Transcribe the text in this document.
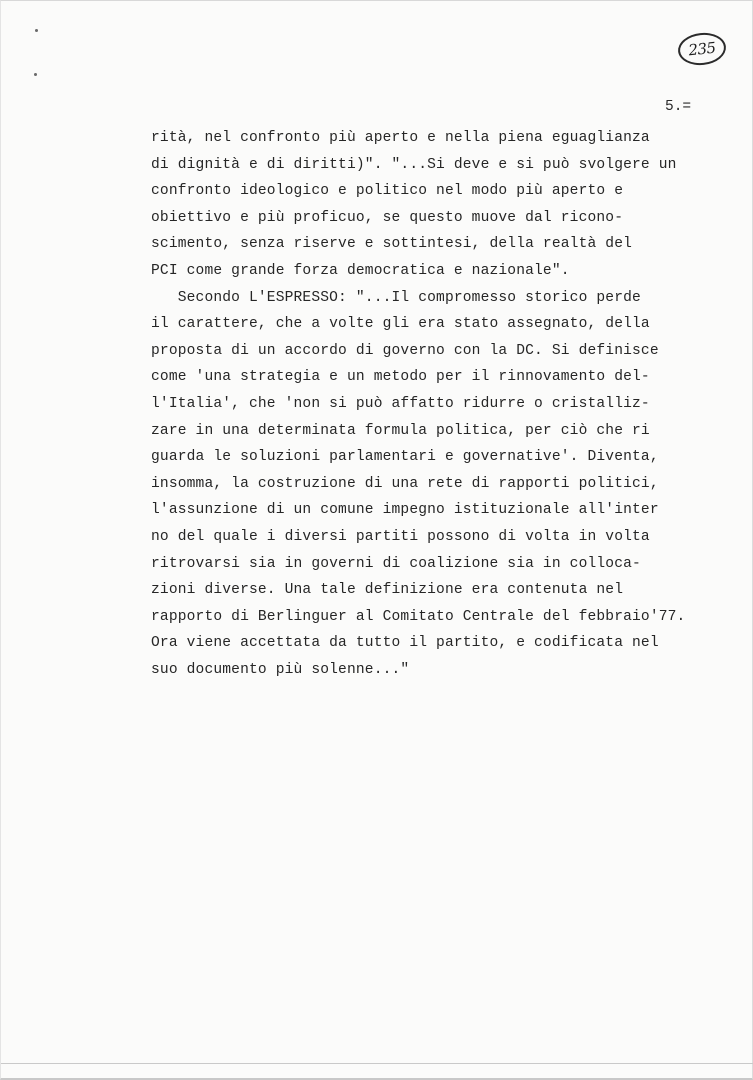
235
5.=
rità, nel confronto più aperto e nella piena eguaglianza
di dignità e di diritti)". "...Si deve e si può svolgere un
confronto ideologico e politico nel modo più aperto e
obiettivo e più proficuo, se questo muove dal ricono-
scimento, senza riserve e sottintesi, della realtà del
PCI come grande forza democratica e nazionale".
Secondo L'ESPRESSO: "...Il compromesso storico perde
il carattere, che a volte gli era stato assegnato, della
proposta di un accordo di governo con la DC. Si definisce
come 'una strategia e un metodo per il rinnovamento del-
l'Italia', che 'non si può affatto ridurre o cristalliz-
zare in una determinata formula politica, per ciò che ri
guarda le soluzioni parlamentari e governative'. Diventa,
insomma, la costruzione di una rete di rapporti politici,
l'assunzione di un comune impegno istituzionale all'inter
no del quale i diversi partiti possono di volta in volta
ritrovarsi sia in governi di coalizione sia in colloca-
zioni diverse. Una tale definizione era contenuta nel
rapporto di Berlinguer al Comitato Centrale del febbraio'77.
Ora viene accettata da tutto il partito, e codificata nel
suo documento più solenne..."
